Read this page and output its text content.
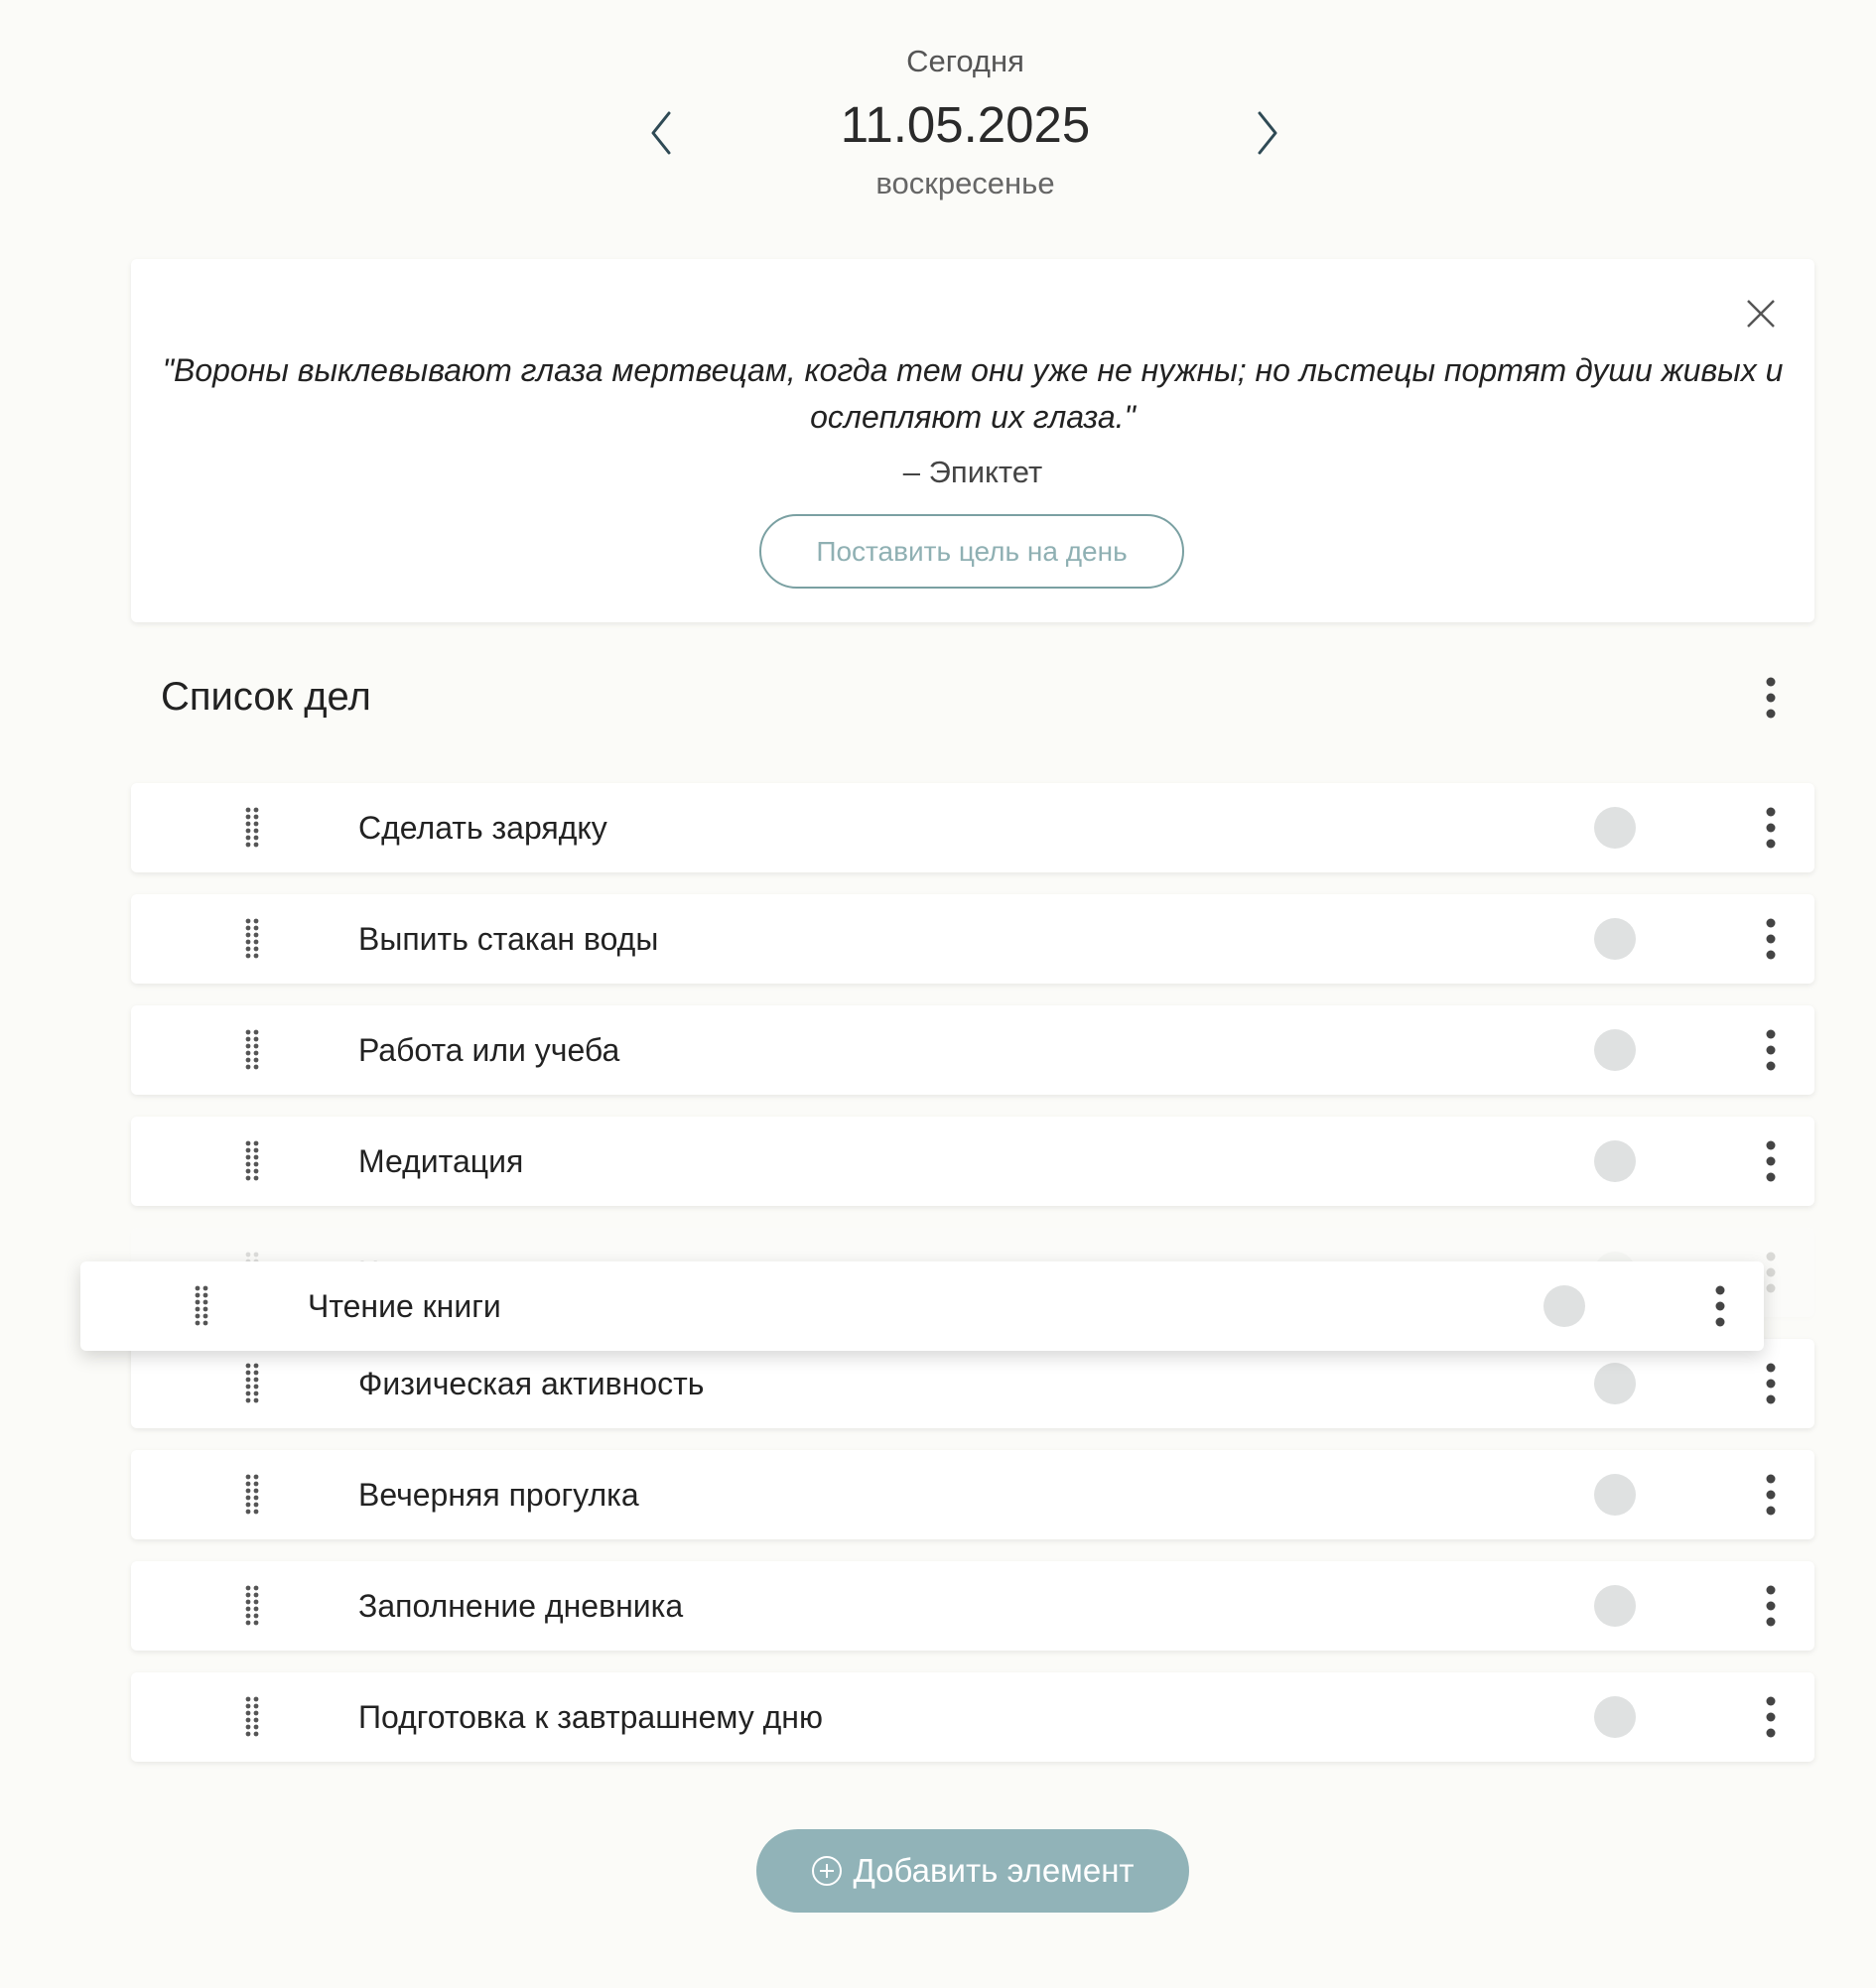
Сегодня
11.05.2025
воскресенье
"Вороны выклевывают глаза мертвецам, когда тем они уже не нужны; но льстецы портят души живых и ослепляют их глаза."
– Эпиктет
Поставить цель на день
Список дел
Сделать зарядку
Выпить стакан воды
Работа или учеба
Медитация
Физическая активность
Вечерняя прогулка
Заполнение дневника
Подготовка к завтрашнему дню
Чтение книги
Добавить элемент
